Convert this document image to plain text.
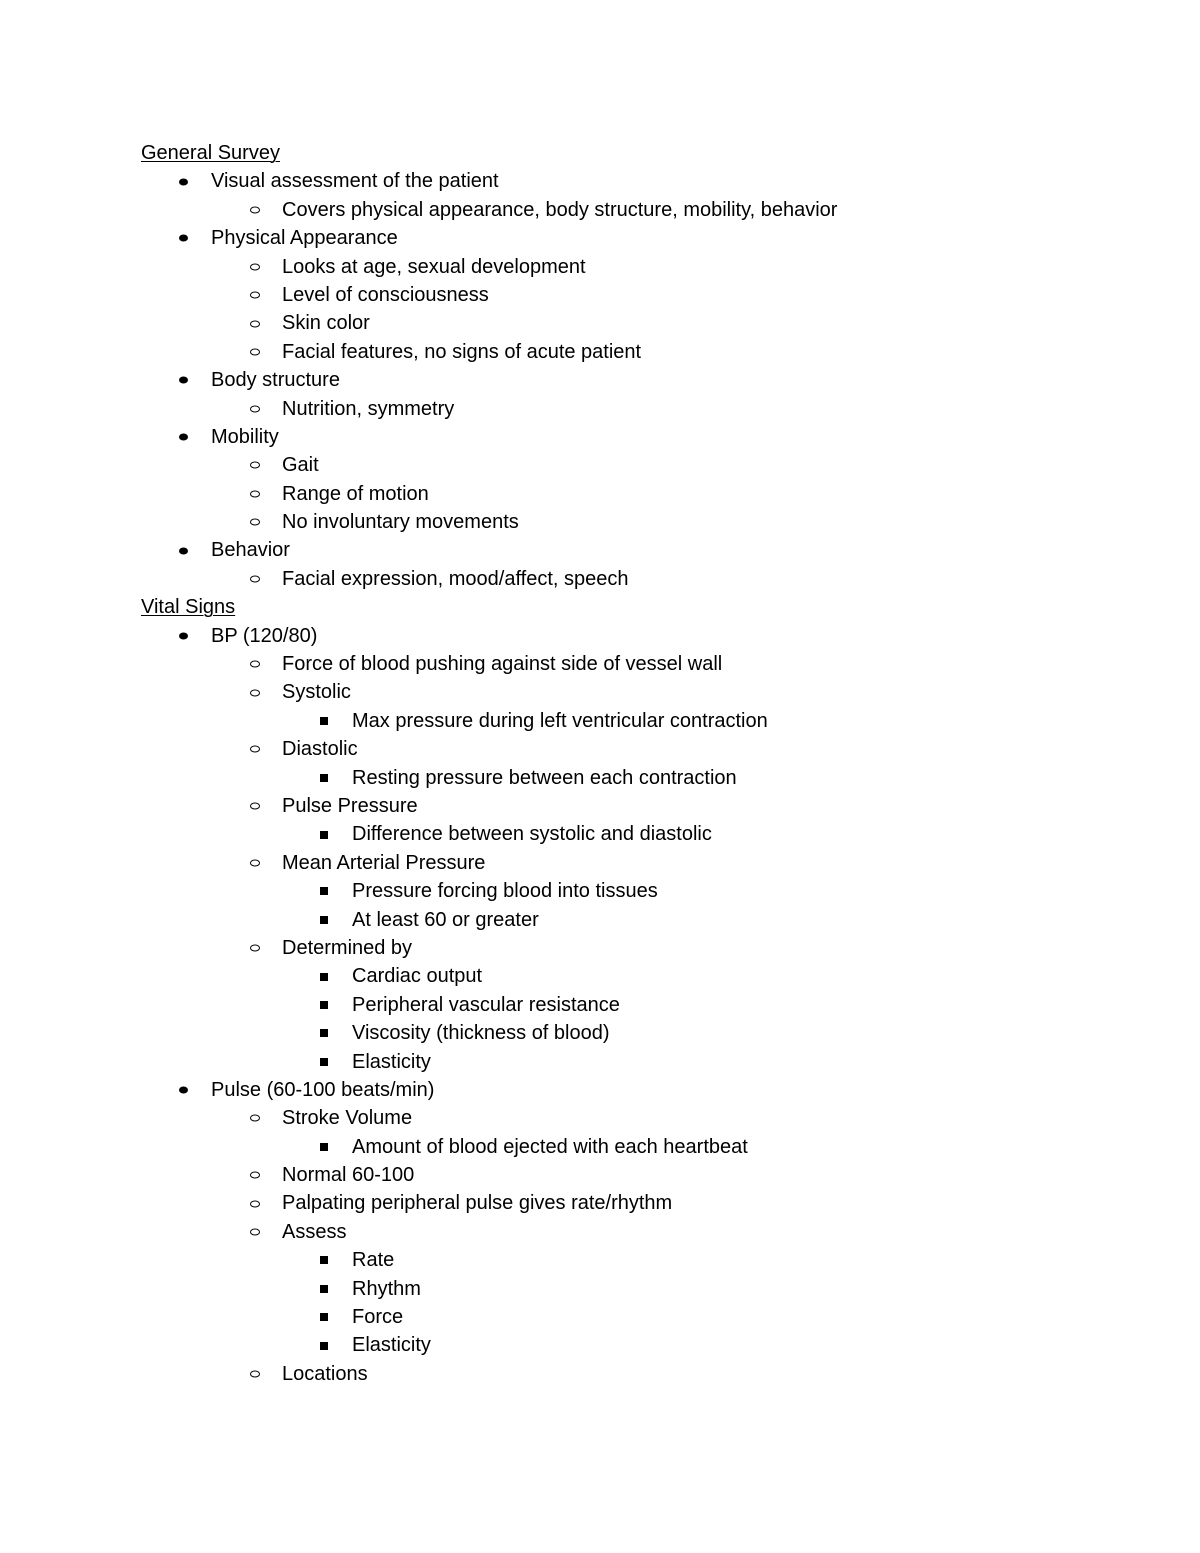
General Survey
Visual assessment of the patient
Covers physical appearance, body structure, mobility, behavior
Physical Appearance
Looks at age, sexual development
Level of consciousness
Skin color
Facial features, no signs of acute patient
Body structure
Nutrition, symmetry
Mobility
Gait
Range of motion
No involuntary movements
Behavior
Facial expression, mood/affect, speech
Vital Signs
BP (120/80)
Force of blood pushing against side of vessel wall
Systolic
Max pressure during left ventricular contraction
Diastolic
Resting pressure between each contraction
Pulse Pressure
Difference between systolic and diastolic
Mean Arterial Pressure
Pressure forcing blood into tissues
At least 60 or greater
Determined by
Cardiac output
Peripheral vascular resistance
Viscosity (thickness of blood)
Elasticity
Pulse (60-100 beats/min)
Stroke Volume
Amount of blood ejected with each heartbeat
Normal 60-100
Palpating peripheral pulse gives rate/rhythm
Assess
Rate
Rhythm
Force
Elasticity
Locations
